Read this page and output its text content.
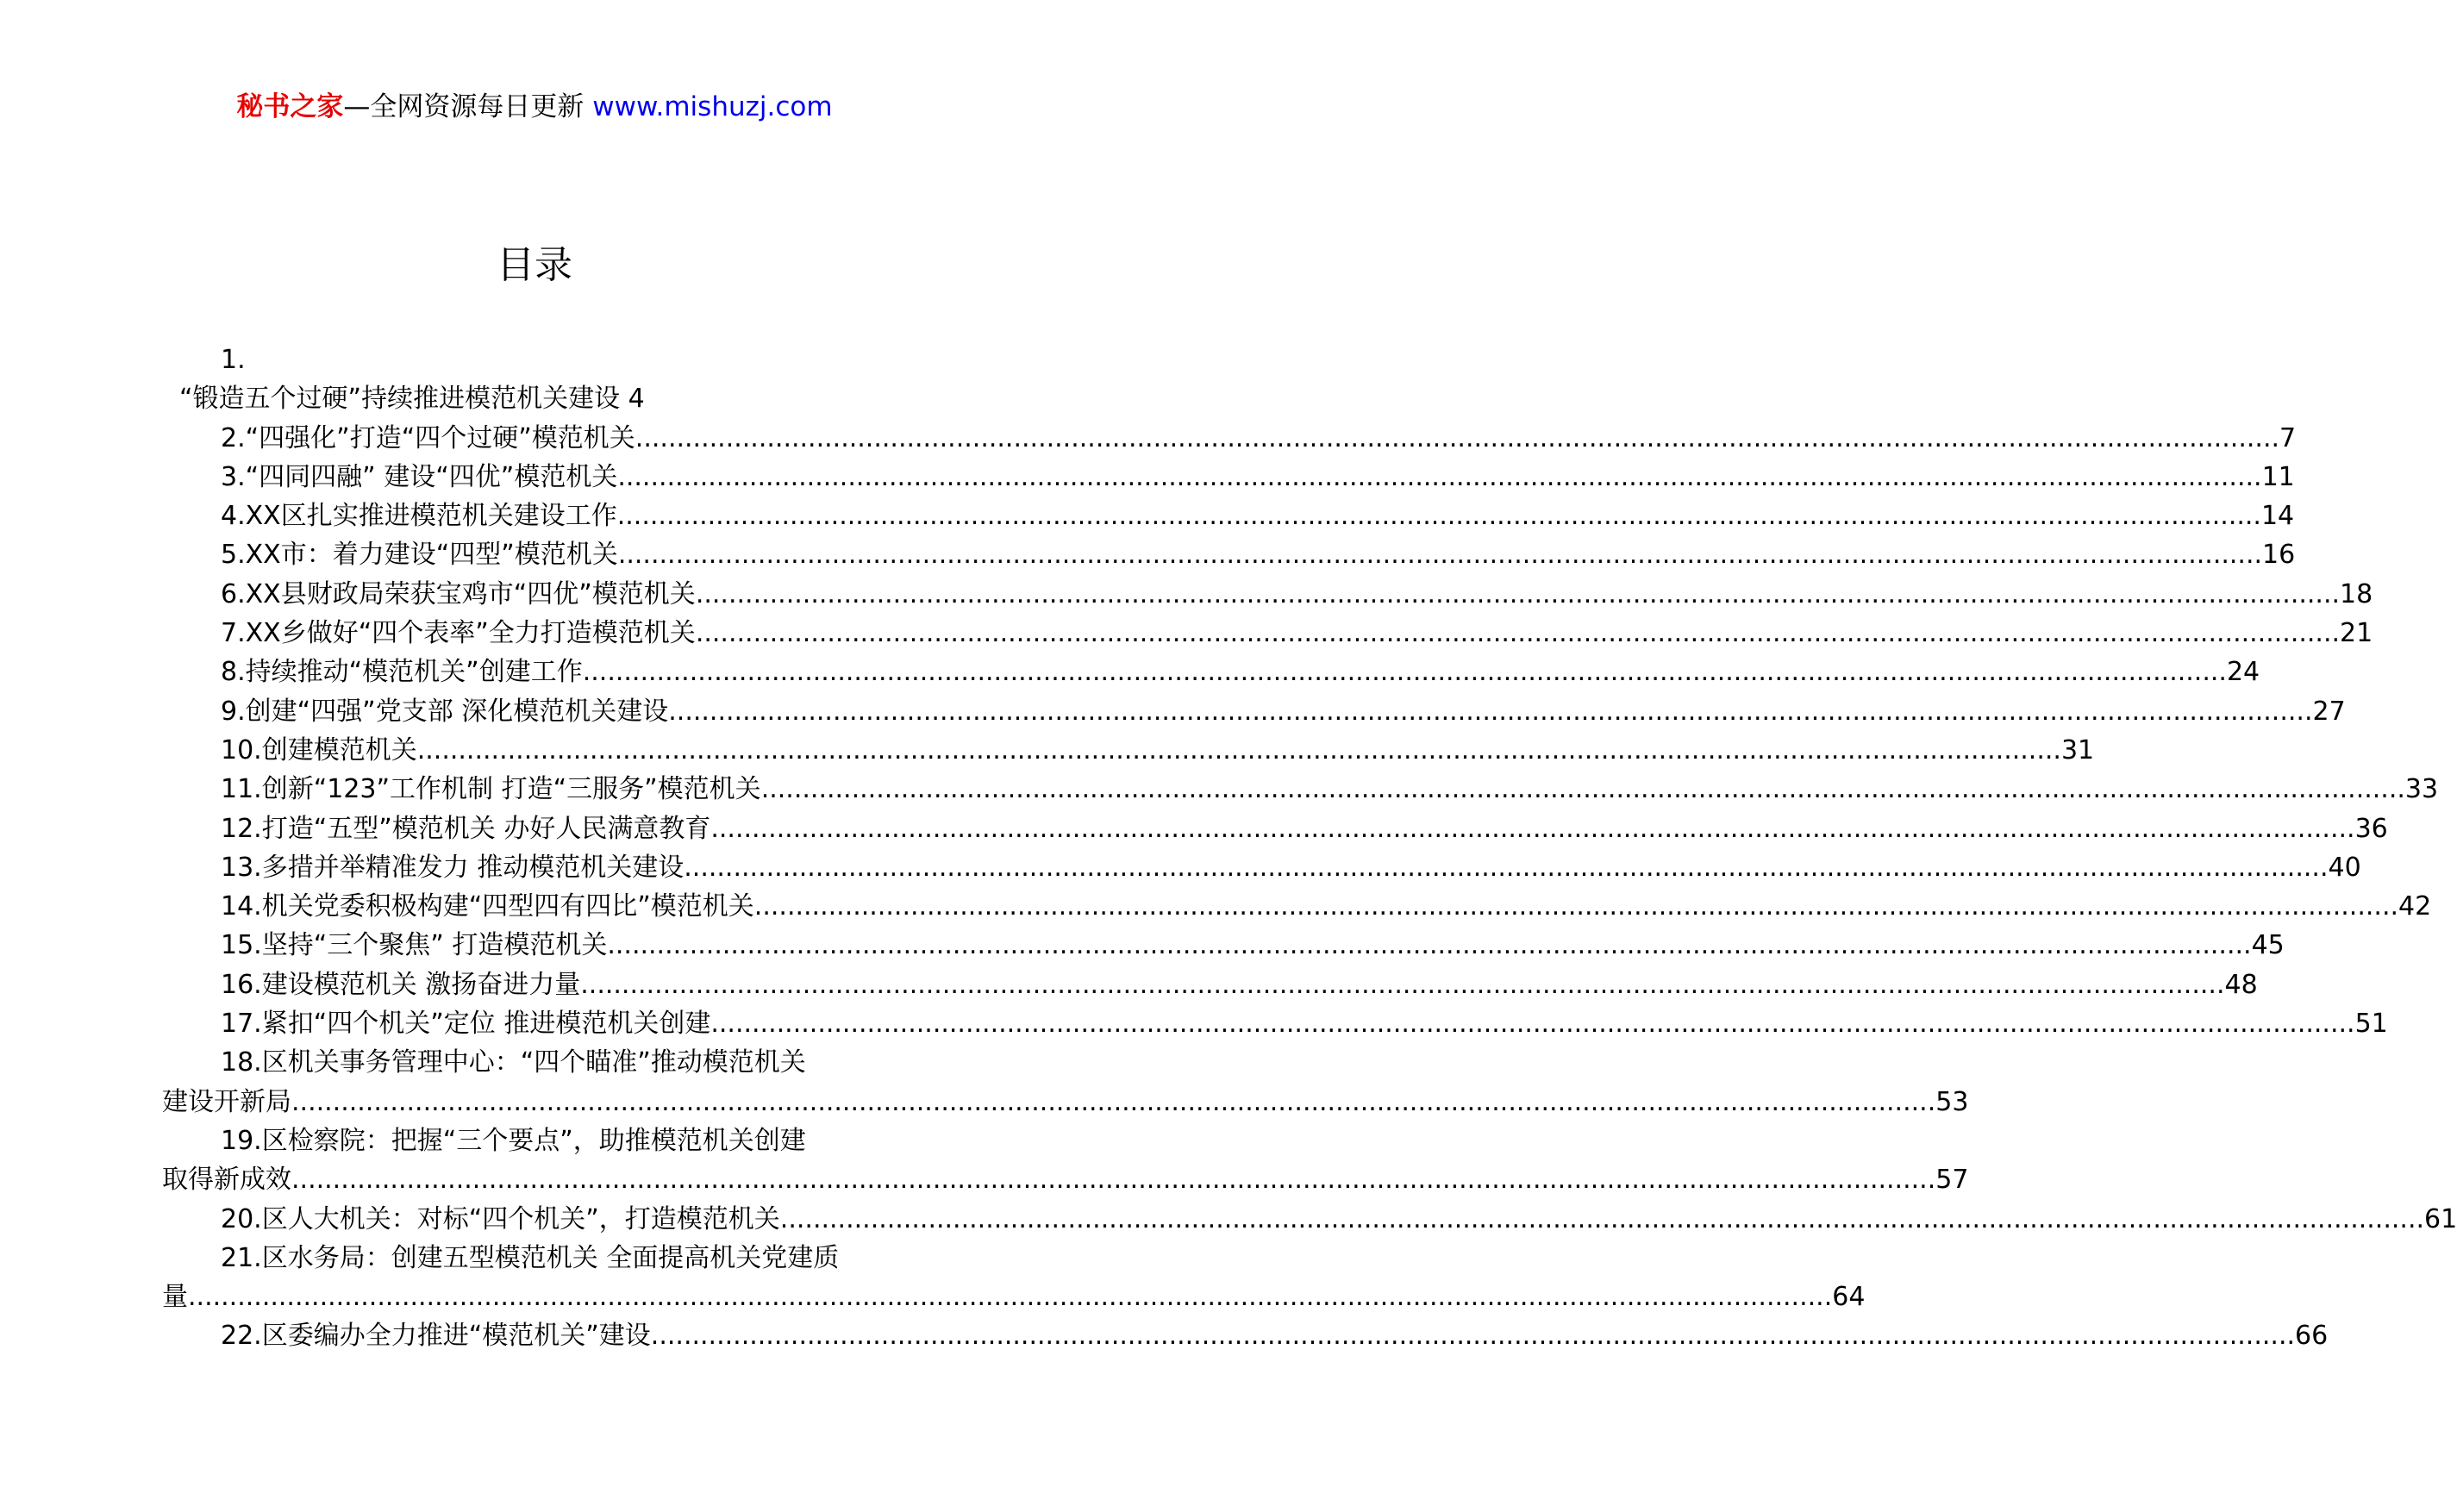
秘书之家—全网资源每日更新 www.mishuzj.com
目录
1.
“锻造五个过硬”持续推进模范机关建设 4
2.“四强化”打造“四个过硬”模范机关 ........................................................................................................................................................................................................ 7
3.“四同四融” 建设“四优”模范机关 ........................................................................................................................................................................................................ 11
4.XX区扎实推进模范机关建设工作 ........................................................................................................................................................................................................ 14
5.XX市：着力建设“四型”模范机关 ........................................................................................................................................................................................................ 16
6.XX县财政局荣获宝鸡市“四优”模范机关 ........................................................................................................................................................................................................ 18
7.XX乡做好“四个表率”全力打造模范机关 ........................................................................................................................................................................................................ 21
8.持续推动“模范机关”创建工作 ........................................................................................................................................................................................................ 24
9.创建“四强”党支部 深化模范机关建设 ........................................................................................................................................................................................................ 27
10.创建模范机关 ........................................................................................................................................................................................................ 31
11.创新“123”工作机制 打造“三服务”模范机关 ........................................................................................................................................................................................................ 33
12.打造“五型”模范机关 办好人民满意教育 ........................................................................................................................................................................................................ 36
13.多措并举精准发力 推动模范机关建设 ........................................................................................................................................................................................................ 40
14.机关党委积极构建“四型四有四比”模范机关 ........................................................................................................................................................................................................ 42
15.坚持“三个聚焦” 打造模范机关 ........................................................................................................................................................................................................ 45
16.建设模范机关 激扬奋进力量 ........................................................................................................................................................................................................ 48
17.紧扣“四个机关”定位 推进模范机关创建 ........................................................................................................................................................................................................ 51
18.区机关事务管理中心：“四个瞄准”推动模范机关
建设开新局 ........................................................................................................................................................................................................ 53
19.区检察院：把握“三个要点”，助推模范机关创建
取得新成效 ........................................................................................................................................................................................................ 57
20.区人大机关：对标“四个机关”，打造模范机关 ........................................................................................................................................................................................................ 61
21.区水务局：创建五型模范机关 全面提高机关党建质
量 ........................................................................................................................................................................................................ 64
22.区委编办全力推进“模范机关”建设 ........................................................................................................................................................................................................ 66
